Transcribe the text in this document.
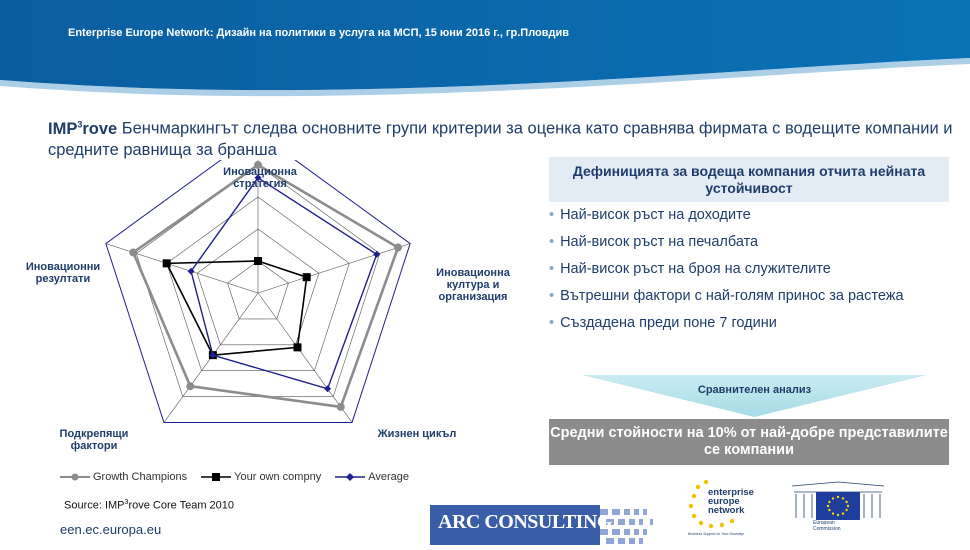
Enterprise Europe Network: Дизайн на политики в услуга на МСП, 15 юни 2016 г., гр.Пловдив
IMP$^3$rove Бенчмаркингът следва основните групи критерии за оценка като сравнява фирмата с водещите компании и средните равнища за бранша
Иновационна
стратегия
Иновационна
култура и
организация
Жизнен цикъл
Подкрепящи
фактори
Иновационни
резултати
Growth Champions	Your own compny	Average
Source: IMP$^3$rove Core Team 2010
een.ec.europa.eu
Дефиницията за водеща компания отчита нейната устойчивост
• Най-висок ръст на доходите
• Най-висок ръст на печалбата
• Най-висок ръст на броя на служителите
• Вътрешни фактори с най-голям принос за растежа
• Създадена преди поне 7 години
Сравнителен анализ
Средни стойности на 10% от най-добре представилите се компании
ARC CONSULTING
enterprise
europe
network
Business Support on Your Doorstep
European
Commission
